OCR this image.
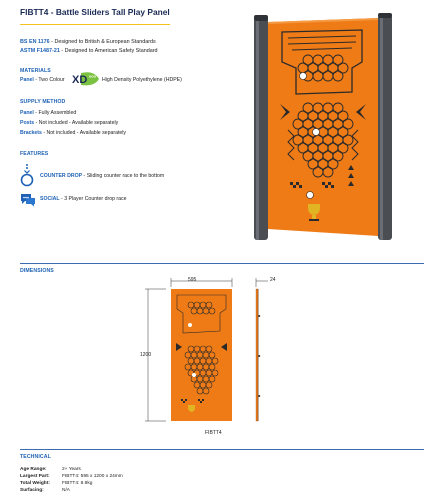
FIBTT4 - Battle Sliders Tall Play Panel
BS EN 1176 - Designed to British & European Standards
ASTM F1487-21 - Designed to American Safety Standard
MATERIALS
Panel - Two Colour XD eco
High Density Polyethylene (HDPE)
SUPPLY METHOD
Panel - Fully Assembled
Posts - Not included - Available separately
Brackets - Not included - Available separately
FEATURES
COUNTER DROP - Sliding counter race to the bottom
SOCIAL - 3 Player Counter drop race
DIMENSIONS
595	24
1200
FIBTT4
TECHNICAL
Age Range:	2+ Years
Largest Part:	FIBTT4: 595 x 1200 x 24mm
Total Weight:	FIBTT4: 8.9kg
Surfacing:	N/A
